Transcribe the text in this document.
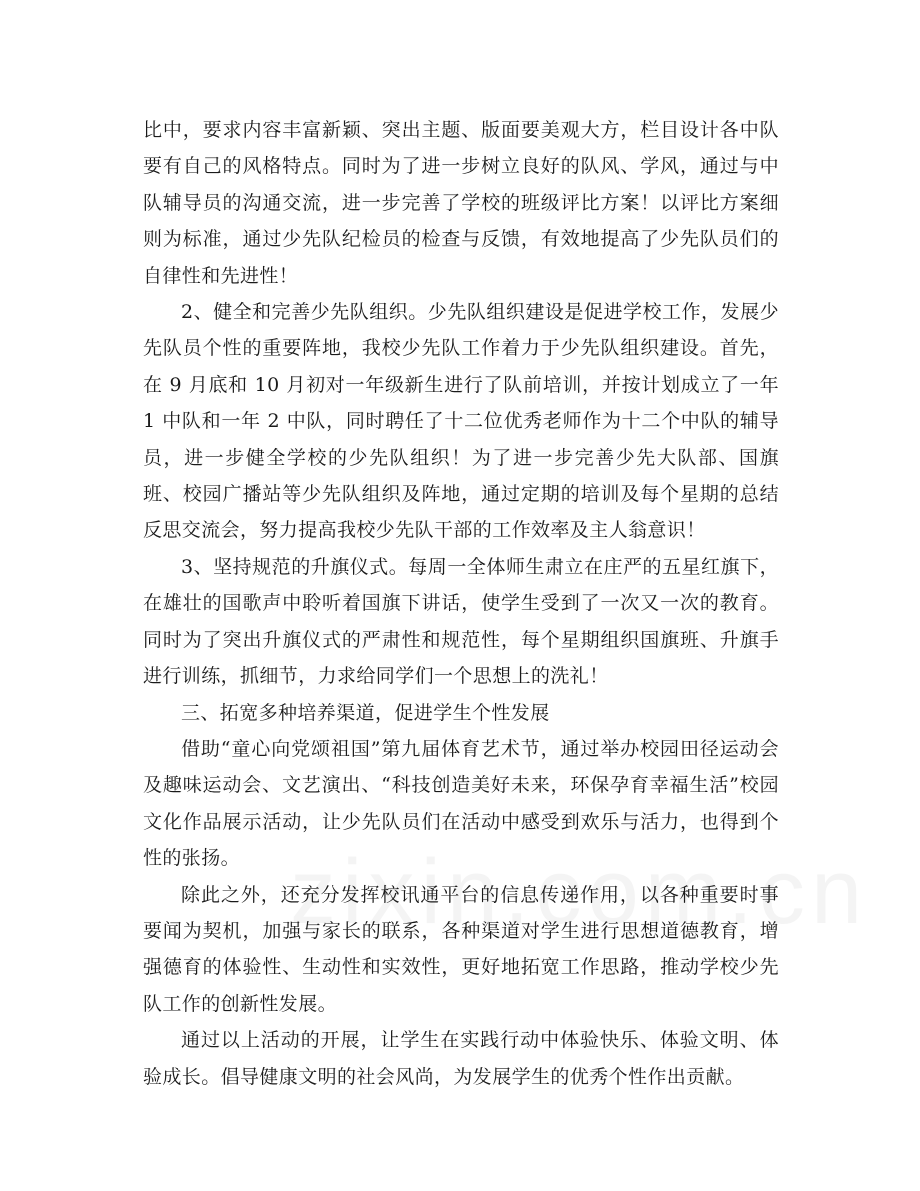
比中，要求内容丰富新颖、突出主题、版面要美观大方，栏目设计各中队要有自己的风格特点。同时为了进一步树立良好的队风、学风，通过与中队辅导员的沟通交流，进一步完善了学校的班级评比方案！以评比方案细则为标准，通过少先队纪检员的检查与反馈，有效地提高了少先队员们的自律性和先进性！

2、健全和完善少先队组织。少先队组织建设是促进学校工作，发展少先队员个性的重要阵地，我校少先队工作着力于少先队组织建设。首先，在 9 月底和 10 月初对一年级新生进行了队前培训，并按计划成立了一年 1 中队和一年 2 中队，同时聘任了十二位优秀老师作为十二个中队的辅导员，进一步健全学校的少先队组织！为了进一步完善少先大队部、国旗班、校园广播站等少先队组织及阵地，通过定期的培训及每个星期的总结反思交流会，努力提高我校少先队干部的工作效率及主人翁意识！

3、坚持规范的升旗仪式。每周一全体师生肃立在庄严的五星红旗下，在雄壮的国歌声中聆听着国旗下讲话，使学生受到了一次又一次的教育。同时为了突出升旗仪式的严肃性和规范性，每个星期组织国旗班、升旗手进行训练，抓细节，力求给同学们一个思想上的洗礼！

三、拓宽多种培养渠道，促进学生个性发展

借助“童心向党颂祖国”第九届体育艺术节，通过举办校园田径运动会及趣味运动会、文艺演出、“科技创造美好未来，环保孕育幸福生活”校园文化作品展示活动，让少先队员们在活动中感受到欢乐与活力，也得到个性的张扬。

除此之外，还充分发挥校讯通平台的信息传递作用，以各种重要时事要闻为契机，加强与家长的联系，各种渠道对学生进行思想道德教育，增强德育的体验性、生动性和实效性，更好地拓宽工作思路，推动学校少先队工作的创新性发展。

通过以上活动的开展，让学生在实践行动中体验快乐、体验文明、体验成长。倡导健康文明的社会风尚，为发展学生的优秀个性作出贡献。
